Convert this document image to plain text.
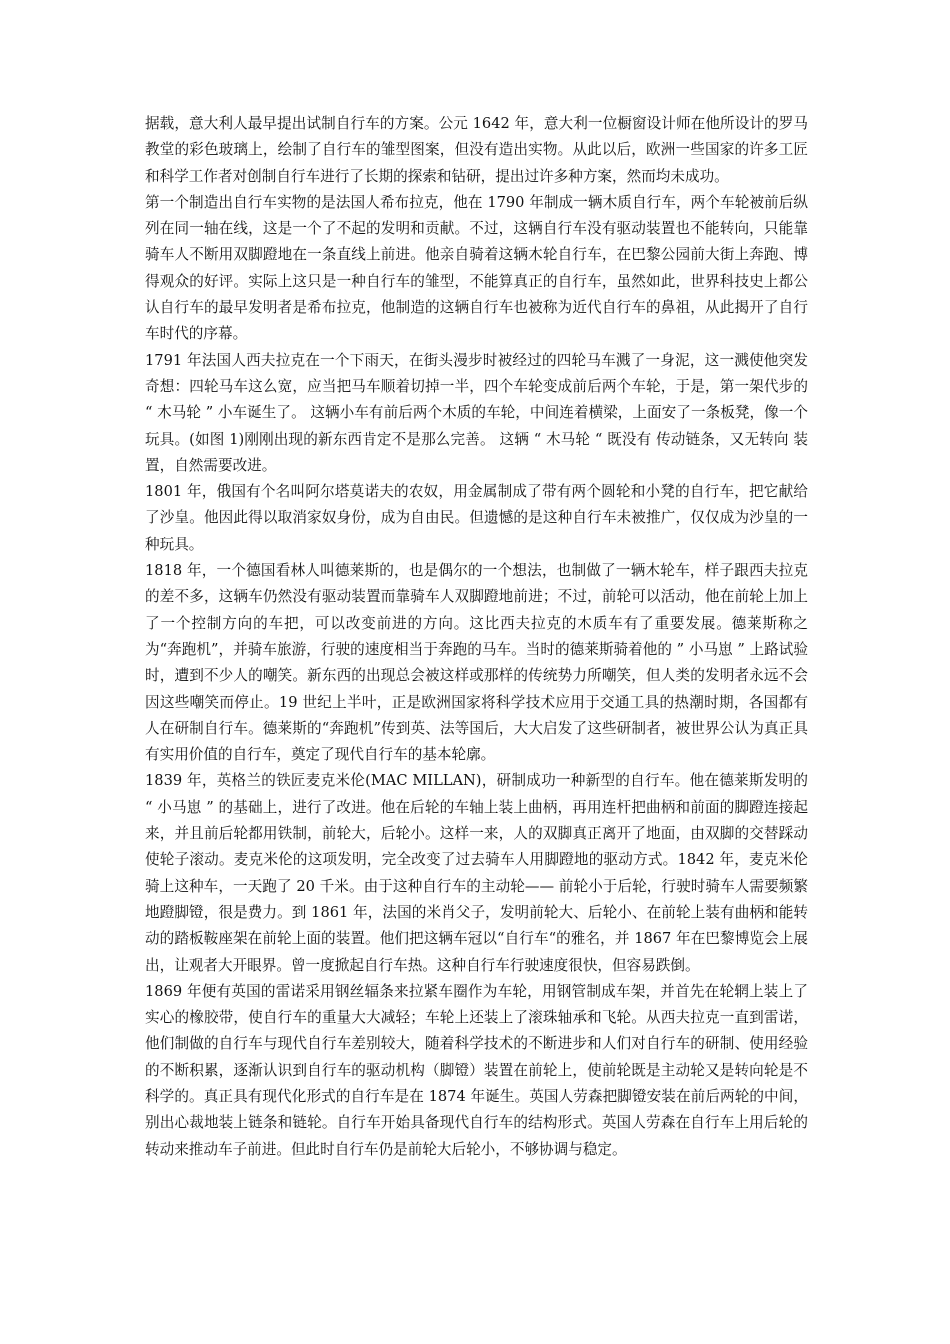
据载，意大利人最早提出试制自行车的方案。公元 1642 年，意大利一位橱窗设计师在他所设计的罗马教堂的彩色玻璃上，绘制了自行车的雏型图案，但没有造出实物。从此以后，欧洲一些国家的许多工匠和科学工作者对创制自行车进行了长期的探索和钻研，提出过许多种方案，然而均未成功。

第一个制造出自行车实物的是法国人希布拉克，他在 1790 年制成一辆木质自行车，两个车轮被前后纵列在同一轴在线，这是一个了不起的发明和贡献。不过，这辆自行车没有驱动装置也不能转向，只能靠骑车人不断用双脚蹬地在一条直线上前进。他亲自骑着这辆木轮自行车，在巴黎公园前大街上奔跑、博得观众的好评。实际上这只是一种自行车的雏型，不能算真正的自行车，虽然如此，世界科技史上都公认自行车的最早发明者是希布拉克，他制造的这辆自行车也被称为近代自行车的鼻祖，从此揭开了自行车时代的序幕。

1791 年法国人西夫拉克在一个下雨天，在街头漫步时被经过的四轮马车溅了一身泥，这一溅使他突发奇想：四轮马车这么宽，应当把马车顺着切掉一半，四个车轮变成前后两个车轮，于是，第一架代步的 “ 木马轮 ” 小车诞生了。 这辆小车有前后两个木质的车轮，中间连着横梁，上面安了一条板凳，像一个玩具。(如图 1)刚刚出现的新东西肯定不是那么完善。 这辆 “ 木马轮 “ 既没有 传动链条，又无转向 装置，自然需要改进。

1801 年，俄国有个名叫阿尔塔莫诺夫的农奴，用金属制成了带有两个圆轮和小凳的自行车，把它献给了沙皇。他因此得以取消家奴身份，成为自由民。但遗憾的是这种自行车未被推广，仅仅成为沙皇的一种玩具。

1818 年，一个德国看林人叫德莱斯的，也是偶尔的一个想法，也制做了一辆木轮车，样子跟西夫拉克的差不多，这辆车仍然没有驱动装置而靠骑车人双脚蹬地前进；不过，前轮可以活动，他在前轮上加上了一个控制方向的车把，可以改变前进的方向。这比西夫拉克的木质车有了重要发展。德莱斯称之为“奔跑机”，并骑车旅游，行驶的速度相当于奔跑的马车。当时的德莱斯骑着他的 ” 小马崽 ” 上路试验时，遭到不少人的嘲笑。新东西的出现总会被这样或那样的传统势力所嘲笑，但人类的发明者永远不会因这些嘲笑而停止。19 世纪上半叶，正是欧洲国家将科学技术应用于交通工具的热潮时期，各国都有人在研制自行车。德莱斯的“奔跑机”传到英、法等国后，大大启发了这些研制者，被世界公认为真正具有实用价值的自行车，奠定了现代自行车的基本轮廓。

1839 年，英格兰的铁匠麦克米伦(MAC MILLAN)，研制成功一种新型的自行车。他在德莱斯发明的 “ 小马崽 ” 的基础上，进行了改进。他在后轮的车轴上装上曲柄，再用连杆把曲柄和前面的脚蹬连接起来，并且前后轮都用铁制，前轮大，后轮小。这样一来，人的双脚真正离开了地面，由双脚的交替踩动使轮子滚动。麦克米伦的这项发明，完全改变了过去骑车人用脚蹬地的驱动方式。1842 年，麦克米伦骑上这种车，一天跑了 20 千米。由于这种自行车的主动轮—— 前轮小于后轮，行驶时骑车人需要频繁地蹬脚镫，很是费力。到 1861 年，法国的米肖父子，发明前轮大、后轮小、在前轮上装有曲柄和能转动的踏板鞍座架在前轮上面的装置。他们把这辆车冠以“自行车“的雅名，并 1867 年在巴黎博览会上展出，让观者大开眼界。曾一度掀起自行车热。这种自行车行驶速度很快，但容易跌倒。

1869 年便有英国的雷诺采用钢丝辐条来拉紧车圈作为车轮，用钢管制成车架，并首先在轮辋上装上了实心的橡胶带，使自行车的重量大大减轻；车轮上还装上了滚珠轴承和飞轮。从西夫拉克一直到雷诺，他们制做的自行车与现代自行车差别较大，随着科学技术的不断进步和人们对自行车的研制、使用经验的不断积累，逐渐认识到自行车的驱动机构（脚镫）装置在前轮上，使前轮既是主动轮又是转向轮是不科学的。真正具有现代化形式的自行车是在 1874 年诞生。英国人劳森把脚镫安装在前后两轮的中间，别出心裁地装上链条和链轮。自行车开始具备现代自行车的结构形式。英国人劳森在自行车上用后轮的转动来推动车子前进。但此时自行车仍是前轮大后轮小，不够协调与稳定。
